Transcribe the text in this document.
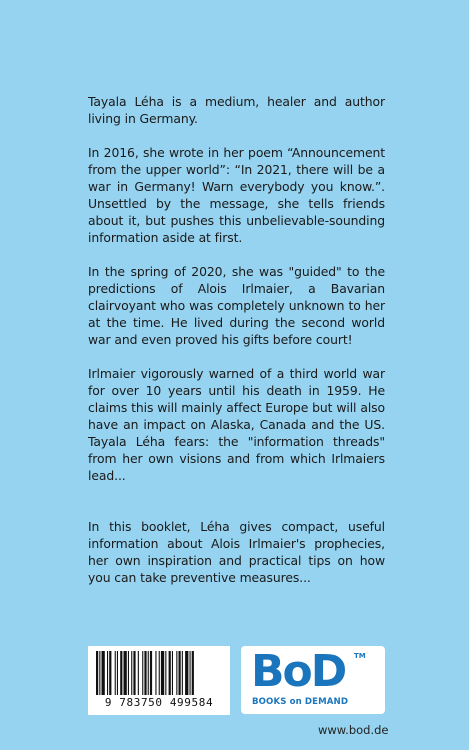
Tayala Léha is a medium, healer and author living in Germany.

In 2016, she wrote in her poem “Announcement from the upper world”: “In 2021, there will be a war in Germany! Warn everybody you know.”. Unsettled by the message, she tells friends about it, but pushes this unbelievable-sounding information aside at first.

In the spring of 2020, she was "guided" to the predictions of Alois Irlmaier, a Bavarian clairvoyant who was completely unknown to her at the time. He lived during the second world war and even proved his gifts before court!

Irlmaier vigorously warned of a third world war for over 10 years until his death in 1959. He claims this will mainly affect Europe but will also have an impact on Alaska, Canada and the US. Tayala Léha fears: the "information threads" from her own visions and from which Irlmaiers lead...

In this booklet, Léha gives compact, useful information about Alois Irlmaier's prophecies, her own inspiration and practical tips on how you can take preventive measures...

9 783750 499584
BoD TM
BOOKS on DEMAND
www.bod.de
